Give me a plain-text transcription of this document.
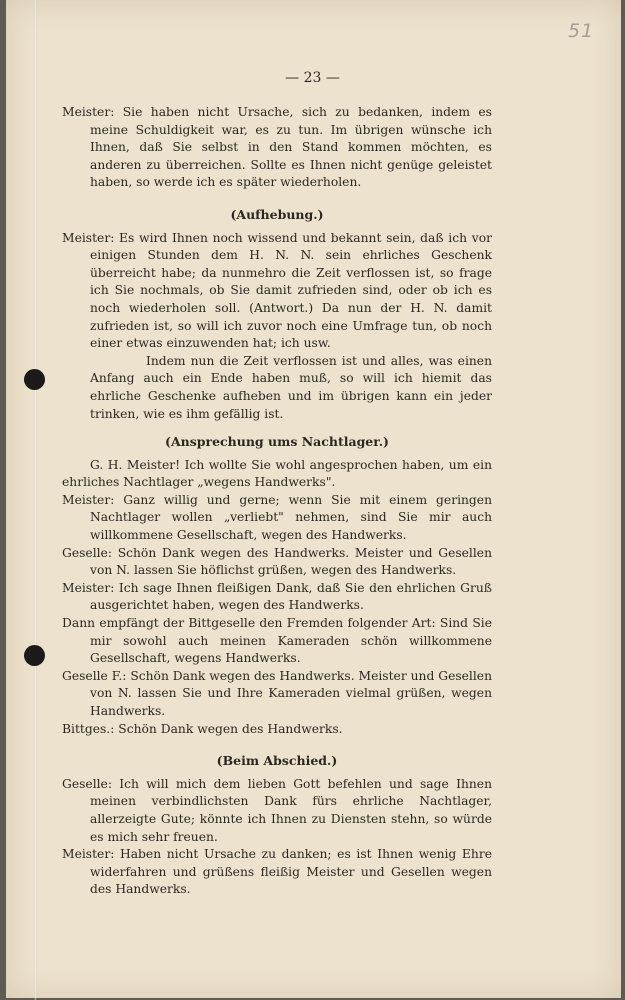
51
— 23 —

Meister: Sie haben nicht Ursache, sich zu bedanken, indem es meine Schuldigkeit war, es zu tun. Im übrigen wünsche ich Ihnen, daß Sie selbst in den Stand kommen möchten, es anderen zu überreichen. Sollte es Ihnen nicht genüge geleistet haben, so werde ich es später wiederholen.

(Aufhebung.)

Meister: Es wird Ihnen noch wissend und bekannt sein, daß ich vor einigen Stunden dem H. N. N. sein ehrliches Geschenk überreicht habe; da nunmehro die Zeit verflossen ist, so frage ich Sie nochmals, ob Sie damit zufrieden sind, oder ob ich es noch wiederholen soll. (Antwort.) Da nun der H. N. damit zufrieden ist, so will ich zuvor noch eine Umfrage tun, ob noch einer etwas einzuwenden hat; ich usw.

Indem nun die Zeit verflossen ist und alles, was einen Anfang auch ein Ende haben muß, so will ich hiemit das ehrliche Geschenke aufheben und im übrigen kann ein jeder trinken, wie es ihm gefällig ist.

(Ansprechung ums Nachtlager.)

G. H. Meister! Ich wollte Sie wohl angesprochen haben, um ein ehrliches Nachtlager „wegens Handwerks".

Meister: Ganz willig und gerne; wenn Sie mit einem geringen Nachtlager wollen „verliebt" nehmen, sind Sie mir auch willkommene Gesellschaft, wegen des Handwerks.

Geselle: Schön Dank wegen des Handwerks. Meister und Gesellen von N. lassen Sie höflichst grüßen, wegen des Handwerks.

Meister: Ich sage Ihnen fleißigen Dank, daß Sie den ehrlichen Gruß ausgerichtet haben, wegen des Handwerks.

Dann empfängt der Bittgeselle den Fremden folgender Art: Sind Sie mir sowohl auch meinen Kameraden schön willkommene Gesellschaft, wegens Handwerks.

Geselle F.: Schön Dank wegen des Handwerks. Meister und Gesellen von N. lassen Sie und Ihre Kameraden vielmal grüßen, wegen Handwerks.

Bittges.: Schön Dank wegen des Handwerks.

(Beim Abschied.)

Geselle: Ich will mich dem lieben Gott befehlen und sage Ihnen meinen verbindlichsten Dank fürs ehrliche Nachtlager, allerzeigte Gute; könnte ich Ihnen zu Diensten stehn, so würde es mich sehr freuen.

Meister: Haben nicht Ursache zu danken; es ist Ihnen wenig Ehre widerfahren und grüßens fleißig Meister und Gesellen wegen des Handwerks.
